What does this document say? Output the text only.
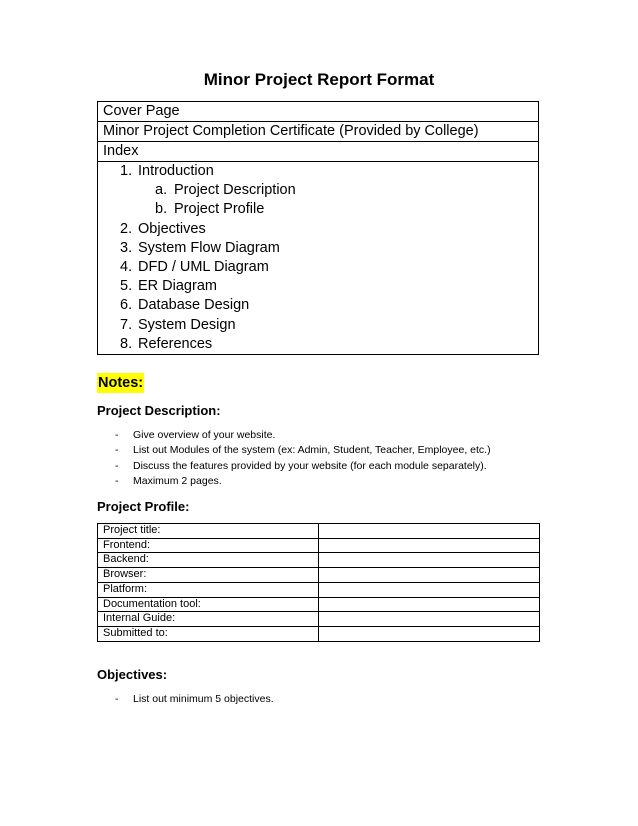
Minor Project Report Format
Cover Page
Minor Project Completion Certificate (Provided by College)
Index
1. Introduction
a. Project Description
b. Project Profile
2. Objectives
3. System Flow Diagram
4. DFD / UML Diagram
5. ER Diagram
6. Database Design
7. System Design
8. References
Notes:
Project Description:
- Give overview of your website.
- List out Modules of the system (ex: Admin, Student, Teacher, Employee, etc.)
- Discuss the features provided by your website (for each module separately).
- Maximum 2 pages.
Project Profile:
Project title:	
Frontend:	
Backend:	
Browser:	
Platform:	
Documentation tool:	
Internal Guide:	
Submitted to:	
Objectives:
- List out minimum 5 objectives.
